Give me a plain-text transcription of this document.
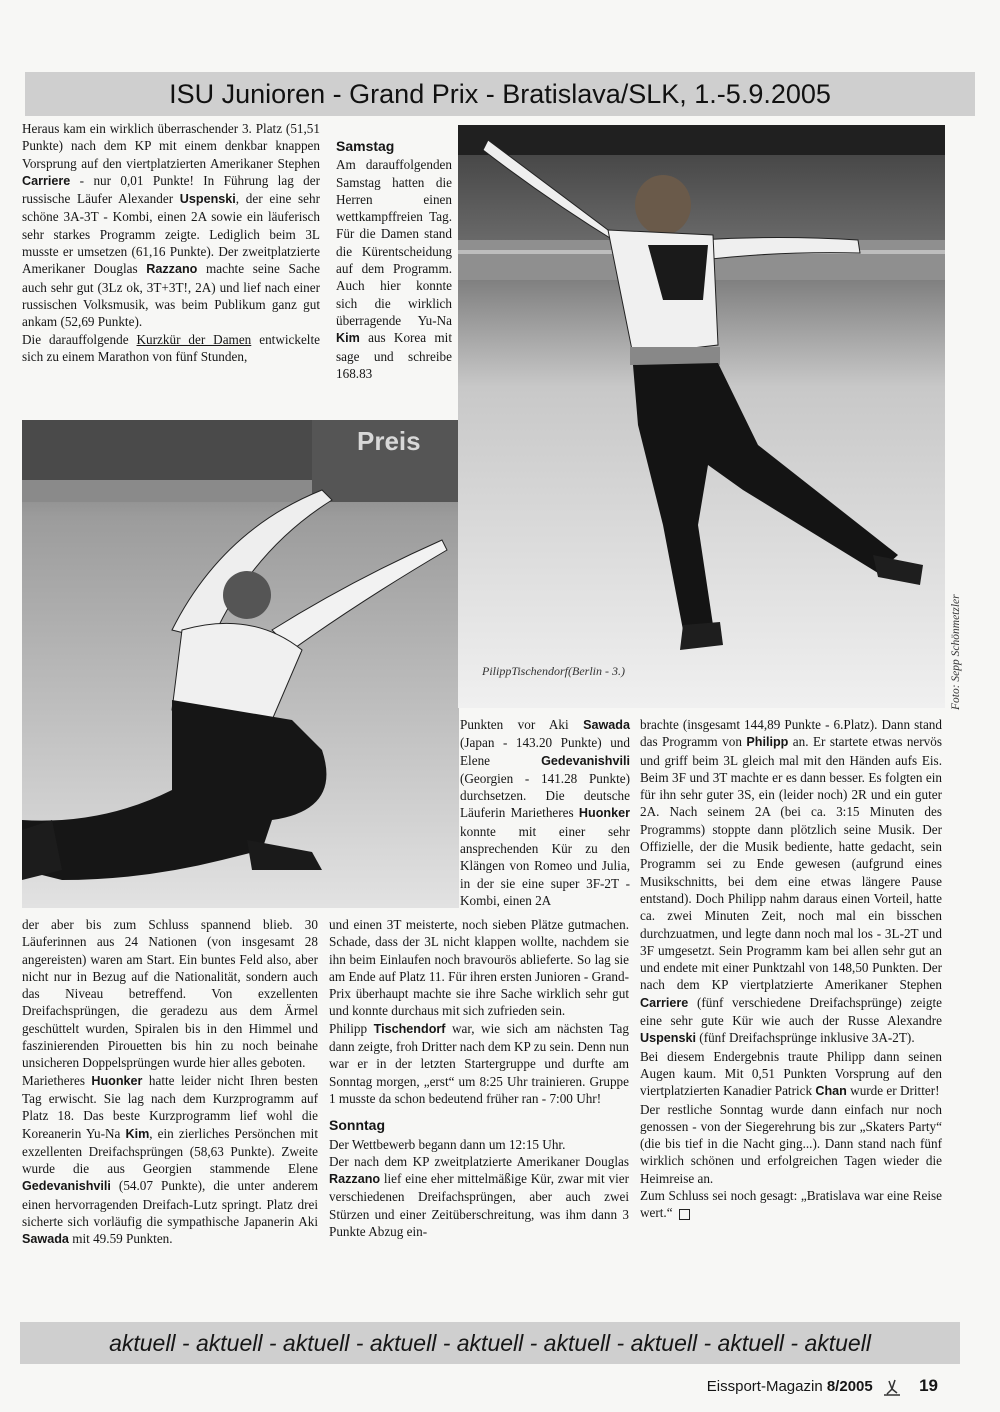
ISU Junioren - Grand Prix - Bratislava/SLK, 1.-5.9.2005
Preis
PilippTischendorf(Berlin - 3.)	Foto: Sepp Schönmetzler

Heraus kam ein wirklich überraschender 3. Platz (51,51 Punkte) nach dem KP mit einem denkbar knappen Vorsprung auf den viertplatzierten Amerikaner Stephen Carriere - nur 0,01 Punkte! In Führung lag der russische Läufer Alexander Uspenski, der eine sehr schöne 3A-3T - Kombi, einen 2A sowie ein läuferisch sehr starkes Programm zeigte. Lediglich beim 3L musste er umsetzen (61,16 Punkte). Der zweitplatzierte Amerikaner Douglas Razzano machte seine Sache auch sehr gut (3Lz ok, 3T+3T!, 2A) und lief nach einer russischen Volksmusik, was beim Publikum ganz gut ankam (52,69 Punkte).

Die darauffolgende Kurzkür der Damen entwickelte sich zu einem Marathon von fünf Stunden,

Samstag

Am darauffolgenden Samstag hatten die Herren einen wettkampffreien Tag. Für die Damen stand die Kürentscheidung auf dem Programm. Auch hier konnte sich die wirklich überragende Yu-Na Kim aus Korea mit sage und schreibe 168.83

Punkten vor Aki Sawada (Japan - 143.20 Punkte) und Elene Gedevanishvili (Georgien - 141.28 Punkte) durchsetzen. Die deutsche Läuferin Marietheres Huonker konnte mit einer sehr ansprechenden Kür zu den Klängen von Romeo und Julia, in der sie eine super 3F-2T - Kombi, einen 2A

der aber bis zum Schluss spannend blieb. 30 Läuferinnen aus 24 Nationen (von insgesamt 28 angereisten) waren am Start. Ein buntes Feld also, aber nicht nur in Bezug auf die Nationalität, sondern auch das Niveau betreffend. Von exzellenten Dreifachsprüngen, die geradezu aus dem Ärmel geschüttelt wurden, Spiralen bis in den Himmel und faszinierenden Pirouetten bis hin zu noch beinahe unsicheren Doppelsprüngen wurde hier alles geboten.

Marietheres Huonker hatte leider nicht Ihren besten Tag erwischt. Sie lag nach dem Kurzprogramm auf Platz 18. Das beste Kurzprogramm lief wohl die Koreanerin Yu-Na Kim, ein zierliches Persönchen mit exzellenten Dreifachsprüngen (58,63 Punkte). Zweite wurde die aus Georgien stammende Elene Gedevanishvili (54.07 Punkte), die unter anderem einen hervorragenden Dreifach-Lutz springt. Platz drei sicherte sich vorläufig die sympathische Japanerin Aki Sawada mit 49.59 Punkten.

und einen 3T meisterte, noch sieben Plätze gutmachen. Schade, dass der 3L nicht klappen wollte, nachdem sie ihn beim Einlaufen noch bravourös ablieferte. So lag sie am Ende auf Platz 11. Für ihren ersten Junioren - Grand-Prix überhaupt machte sie ihre Sache wirklich sehr gut und konnte durchaus mit sich zufrieden sein.

Philipp Tischendorf war, wie sich am nächsten Tag dann zeigte, froh Dritter nach dem KP zu sein. Denn nun war er in der letzten Startergruppe und durfte am Sonntag morgen, „erst“ um 8:25 Uhr trainieren. Gruppe 1 musste da schon bedeutend früher ran - 7:00 Uhr!

Sonntag

Der Wettbewerb begann dann um 12:15 Uhr.

Der nach dem KP zweitplatzierte Amerikaner Douglas Razzano lief eine eher mittelmäßige Kür, zwar mit vier verschiedenen Dreifachsprüngen, aber auch zwei Stürzen und einer Zeitüberschreitung, was ihm dann 3 Punkte Abzug ein-

brachte (insgesamt 144,89 Punkte - 6.Platz). Dann stand das Programm von Philipp an. Er startete etwas nervös und griff beim 3L gleich mal mit den Händen aufs Eis. Beim 3F und 3T machte er es dann besser. Es folgten ein für ihn sehr guter 3S, ein (leider noch) 2R und ein guter 2A. Nach seinem 2A (bei ca. 3:15 Minuten des Programms) stoppte dann plötzlich seine Musik. Der Offizielle, der die Musik bediente, hatte gedacht, sein Programm sei zu Ende gewesen (aufgrund eines Musikschnitts, bei dem eine etwas längere Pause entstand). Doch Philipp nahm daraus einen Vorteil, hatte ca. zwei Minuten Zeit, noch mal ein bisschen durchzuatmen, und legte dann noch mal los - 3L-2T und 3F umgesetzt. Sein Programm kam bei allen sehr gut an und endete mit einer Punktzahl von 148,50 Punkten. Der nach dem KP viertplatzierte Amerikaner Stephen Carriere (fünf verschiedene Dreifachsprünge) zeigte eine sehr gute Kür wie auch der Russe Alexandre Uspenski (fünf Dreifachsprünge inklusive 3A-2T).

Bei diesem Endergebnis traute Philipp dann seinen Augen kaum. Mit 0,51 Punkten Vorsprung auf den viertplatzierten Kanadier Patrick Chan wurde er Dritter!

Der restliche Sonntag wurde dann einfach nur noch genossen - von der Siegerehrung bis zur „Skaters Party“ (die bis tief in die Nacht ging...). Dann stand nach fünf wirklich schönen und erfolgreichen Tagen wieder die Heimreise an.

Zum Schluss sei noch gesagt: „Bratislava war eine Reise wert.“

aktuell - aktuell - aktuell - aktuell - aktuell - aktuell - aktuell - aktuell - aktuell
Eissport-Magazin 8/2005	19
